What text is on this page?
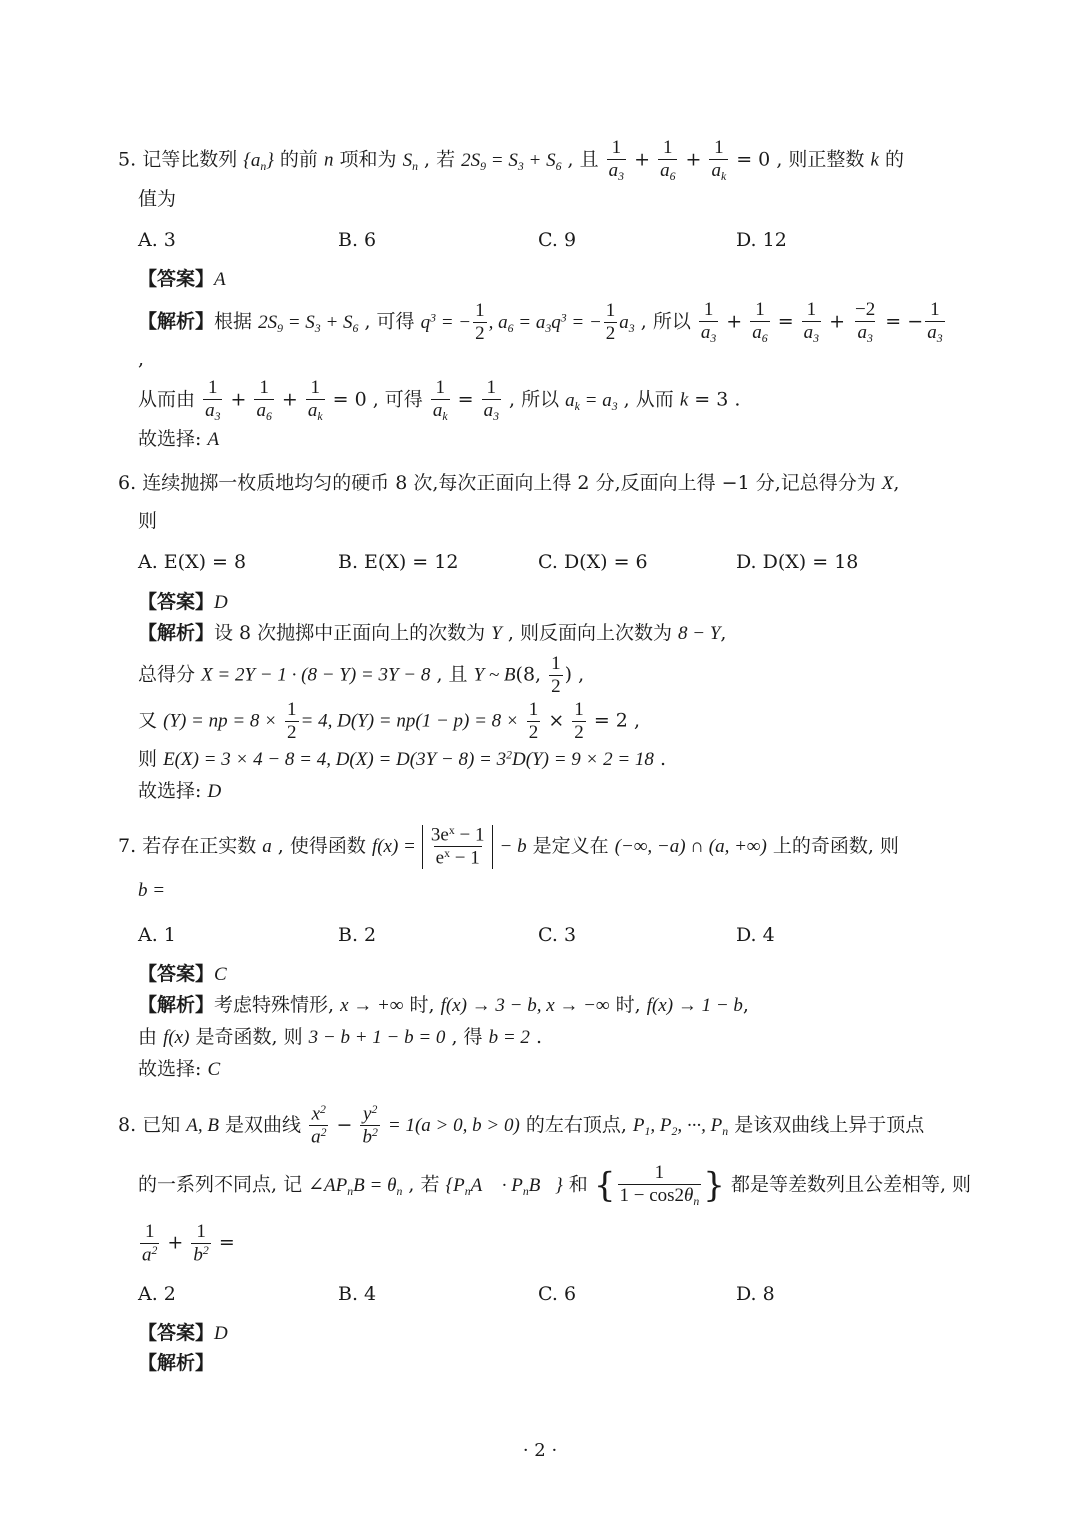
5. 记等比数列 $\{a_n\}$ 的前 n 项和为 $S_n$ , 若 $2S_9 = S_3 + S_6$ , 且 $\frac{1}{a_3} + \frac{1}{a_6} + \frac{1}{a_k} = 0$ , 则正整数 k 的
值为
A. 3	B. 6	C. 9	D. 12
【答案】A
【解析】根据 $2S_9 = S_3 + S_6$ , 可得 $q^3$ = − $\frac{1}{2}$ , $a_6 = a_3q^3$ = − $\frac{1}{2} a_3$ , 所以 $\frac{1}{a_3} + \frac{1}{a_6} = \frac{1}{a_3} + \frac{-2}{a_3}$ = − $\frac{1}{a_3}$
,
从而由 $\frac{1}{a_3} + \frac{1}{a_6} + \frac{1}{a_k} = 0$ , 可得 $\frac{1}{a_k} = \frac{1}{a_3}$ , 所以 $a_k = a_3$ , 从而 k = 3 .
故选择: A
6. 连续抛掷一枚质地均匀的硬币 8 次,每次正面向上得 2 分,反面向上得 −1 分,记总得分为 X,
则
A. E(X) = 8	B. E(X) = 12	C. D(X) = 6	D. D(X) = 18
【答案】D
【解析】设 8 次抛掷中正面向上的次数为 Y , 则反面向上次数为 8 − Y,
总得分 X = 2Y − 1 · (8 − Y) = 3Y − 8 , 且 Y ~ B(8, $\frac{1}{2}$ ) ,
又 (Y) = np = $8 \times \frac{1}{2} = 4$, $D(Y) = np(1 - p) = 8 \times \frac{1}{2} \times \frac{1}{2} = 2$ ,
则 E(X) = 3 × 4 − 8 = 4, $D(X) = D(3Y - 8) = 3^2D(Y) = 9 \times 2 = 18$ .
故选择: D
7. 若存在正实数 a , 使得函数 $f(x) = \frac{3e^x - 1}{e^x - 1} - b$ 是定义在 (−∞, −a) ∩ (a, +∞) 上的奇函数, 则
b =
A. 1	B. 2	C. 3	D. 4
【答案】C
【解析】考虑特殊情形, x → +∞ 时, f(x) → 3 − b, x → −∞ 时, f(x) → 1 − b,
由 f(x) 是奇函数, 则 3 − b + 1 − b = 0 , 得 b = 2 .
故选择: C
8. 已知 A, B 是双曲线 $\frac{x^2}{a^2} - \frac{y^2}{b^2} = 1(a > 0$, b > 0) 的左右顶点, $P_1$, $P_2$, ···, $P_n$ 是该双曲线上异于顶点
的一系列不同点, 记 $\angle AP_nB = \theta_n$ , 若 {$P_nA⃗$ · $P_nB⃗$} 和 { $\frac{1}{1 - \cos 2\theta_n}$ } 都是等差数列且公差相等, 则
$\frac{1}{a^2} + \frac{1}{b^2}$ =
A. 2	B. 4	C. 6	D. 8
【答案】D
【解析】
· 2 ·
